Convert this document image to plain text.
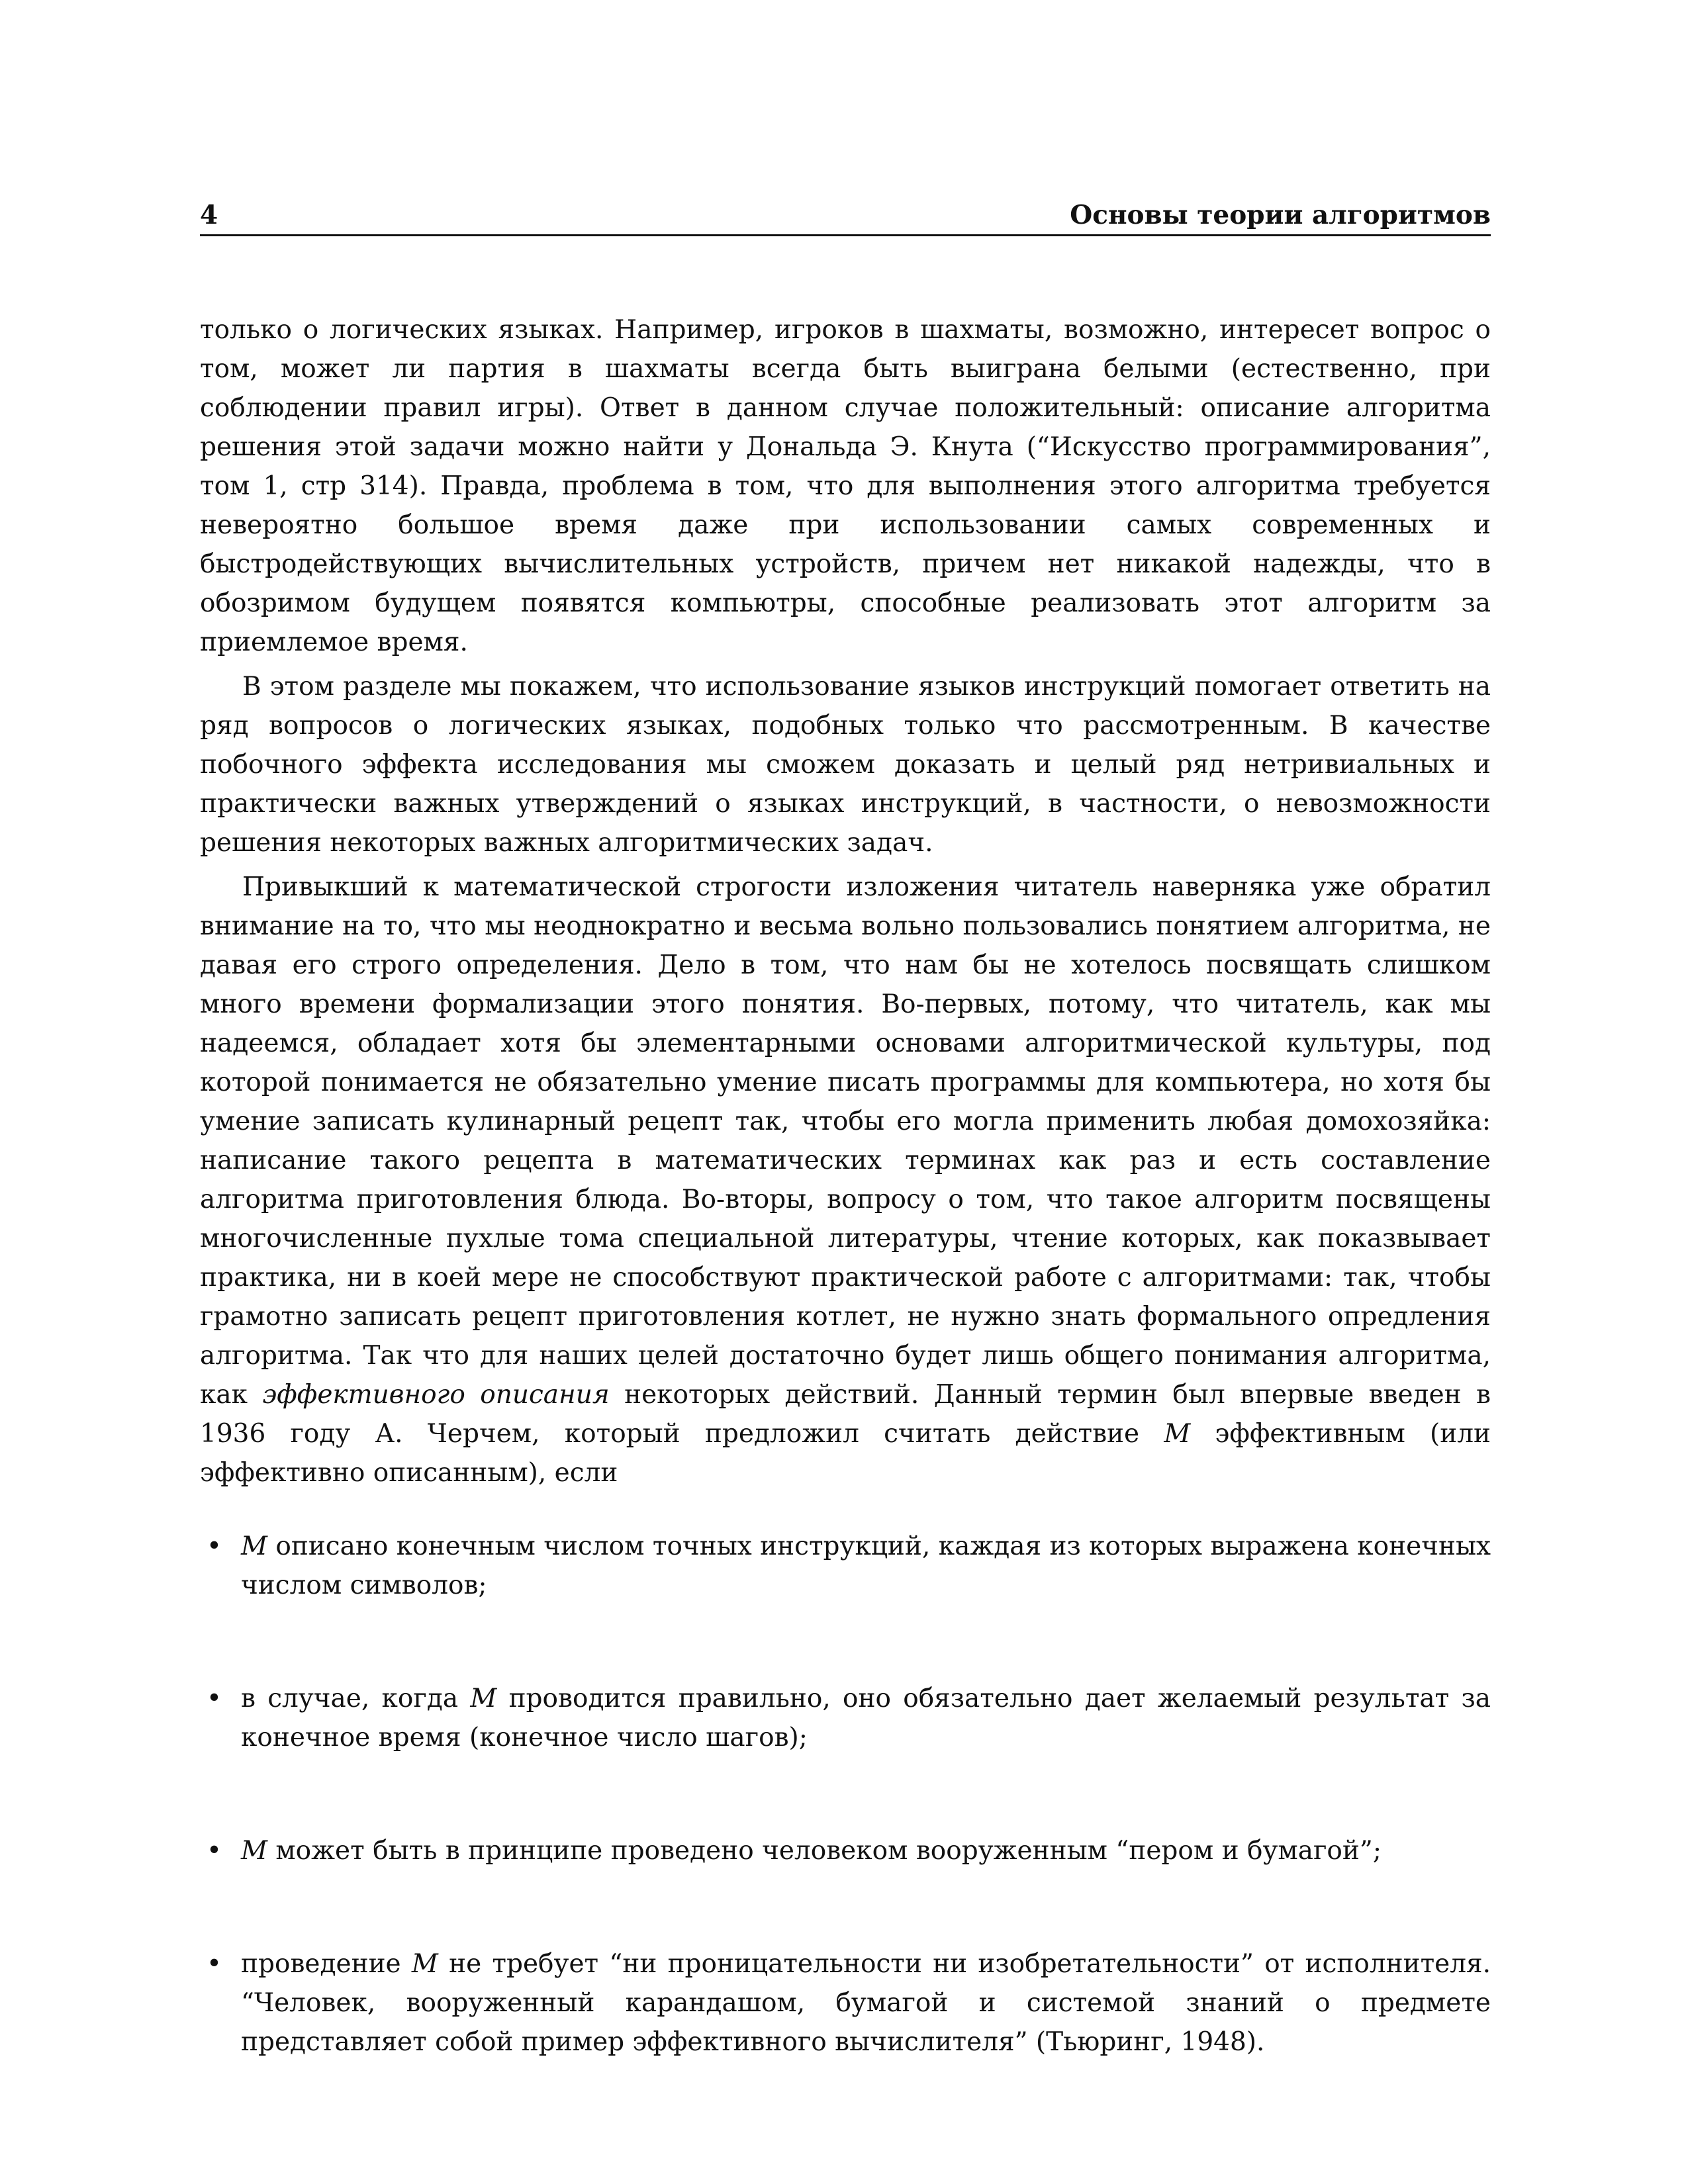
4	Основы теории алгоритмов

только о логических языках. Например, игроков в шахматы, возможно, интересет вопрос о том, может ли партия в шахматы всегда быть выиграна белыми (естественно, при соблюдении правил игры). Ответ в данном случае положительный: описание алгоритма решения этой задачи можно найти у Дональда Э. Кнута (“Искусство программирования”, том 1, стр 314). Правда, проблема в том, что для выполнения этого алгоритма требуется невероятно большое время даже при использовании самых современных и быстродействующих вычислительных устройств, причем нет никакой надежды, что в обозримом будущем появятся компьютры, способные реализовать этот алгоритм за приемлемое время.

В этом разделе мы покажем, что использование языков инструкций помогает ответить на ряд вопросов о логических языках, подобных только что рассмотренным. В качестве побочного эффекта исследования мы сможем доказать и целый ряд нетривиальных и практически важных утверждений о языках инструкций, в частности, о невозможности решения некоторых важных алгоритмических задач.

Привыкший к математической строгости изложения читатель наверняка уже обратил внимание на то, что мы неоднократно и весьма вольно пользовались понятием алгоритма, не давая его строго определения. Дело в том, что нам бы не хотелось посвящать слишком много времени формализации этого понятия. Во-первых, потому, что читатель, как мы надеемся, обладает хотя бы элементарными основами алгоритмической культуры, под которой понимается не обязательно умение писать программы для компьютера, но хотя бы умение записать кулинарный рецепт так, чтобы его могла применить любая домохозяйка: написание такого рецепта в математических терминах как раз и есть составление алгоритма приготовления блюда. Во-вторы, вопросу о том, что такое алгоритм посвящены многочисленные пухлые тома специальной литературы, чтение которых, как показвывает практика, ни в коей мере не способствуют практической работе с алгоритмами: так, чтобы грамотно записать рецепт приготовления котлет, не нужно знать формального опредления алгоритма. Так что для наших целей достаточно будет лишь общего понимания алгоритма, как эффективного описания некоторых действий. Данный термин был впервые введен в 1936 году А. Черчем, который предложил считать действие M эффективным (или эффективно описанным), если

• M описано конечным числом точных инструкций, каждая из которых выражена конечных числом символов;
• в случае, когда M проводится правильно, оно обязательно дает желаемый результат за конечное время (конечное число шагов);
• M может быть в принципе проведено человеком вооруженным “пером и бумагой”;
• проведение M не требует “ни проницательности ни изобретательности” от исполнителя. “Человек, вооруженный карандашом, бумагой и системой знаний о предмете представляет собой пример эффективного вычислителя” (Тьюринг, 1948).
